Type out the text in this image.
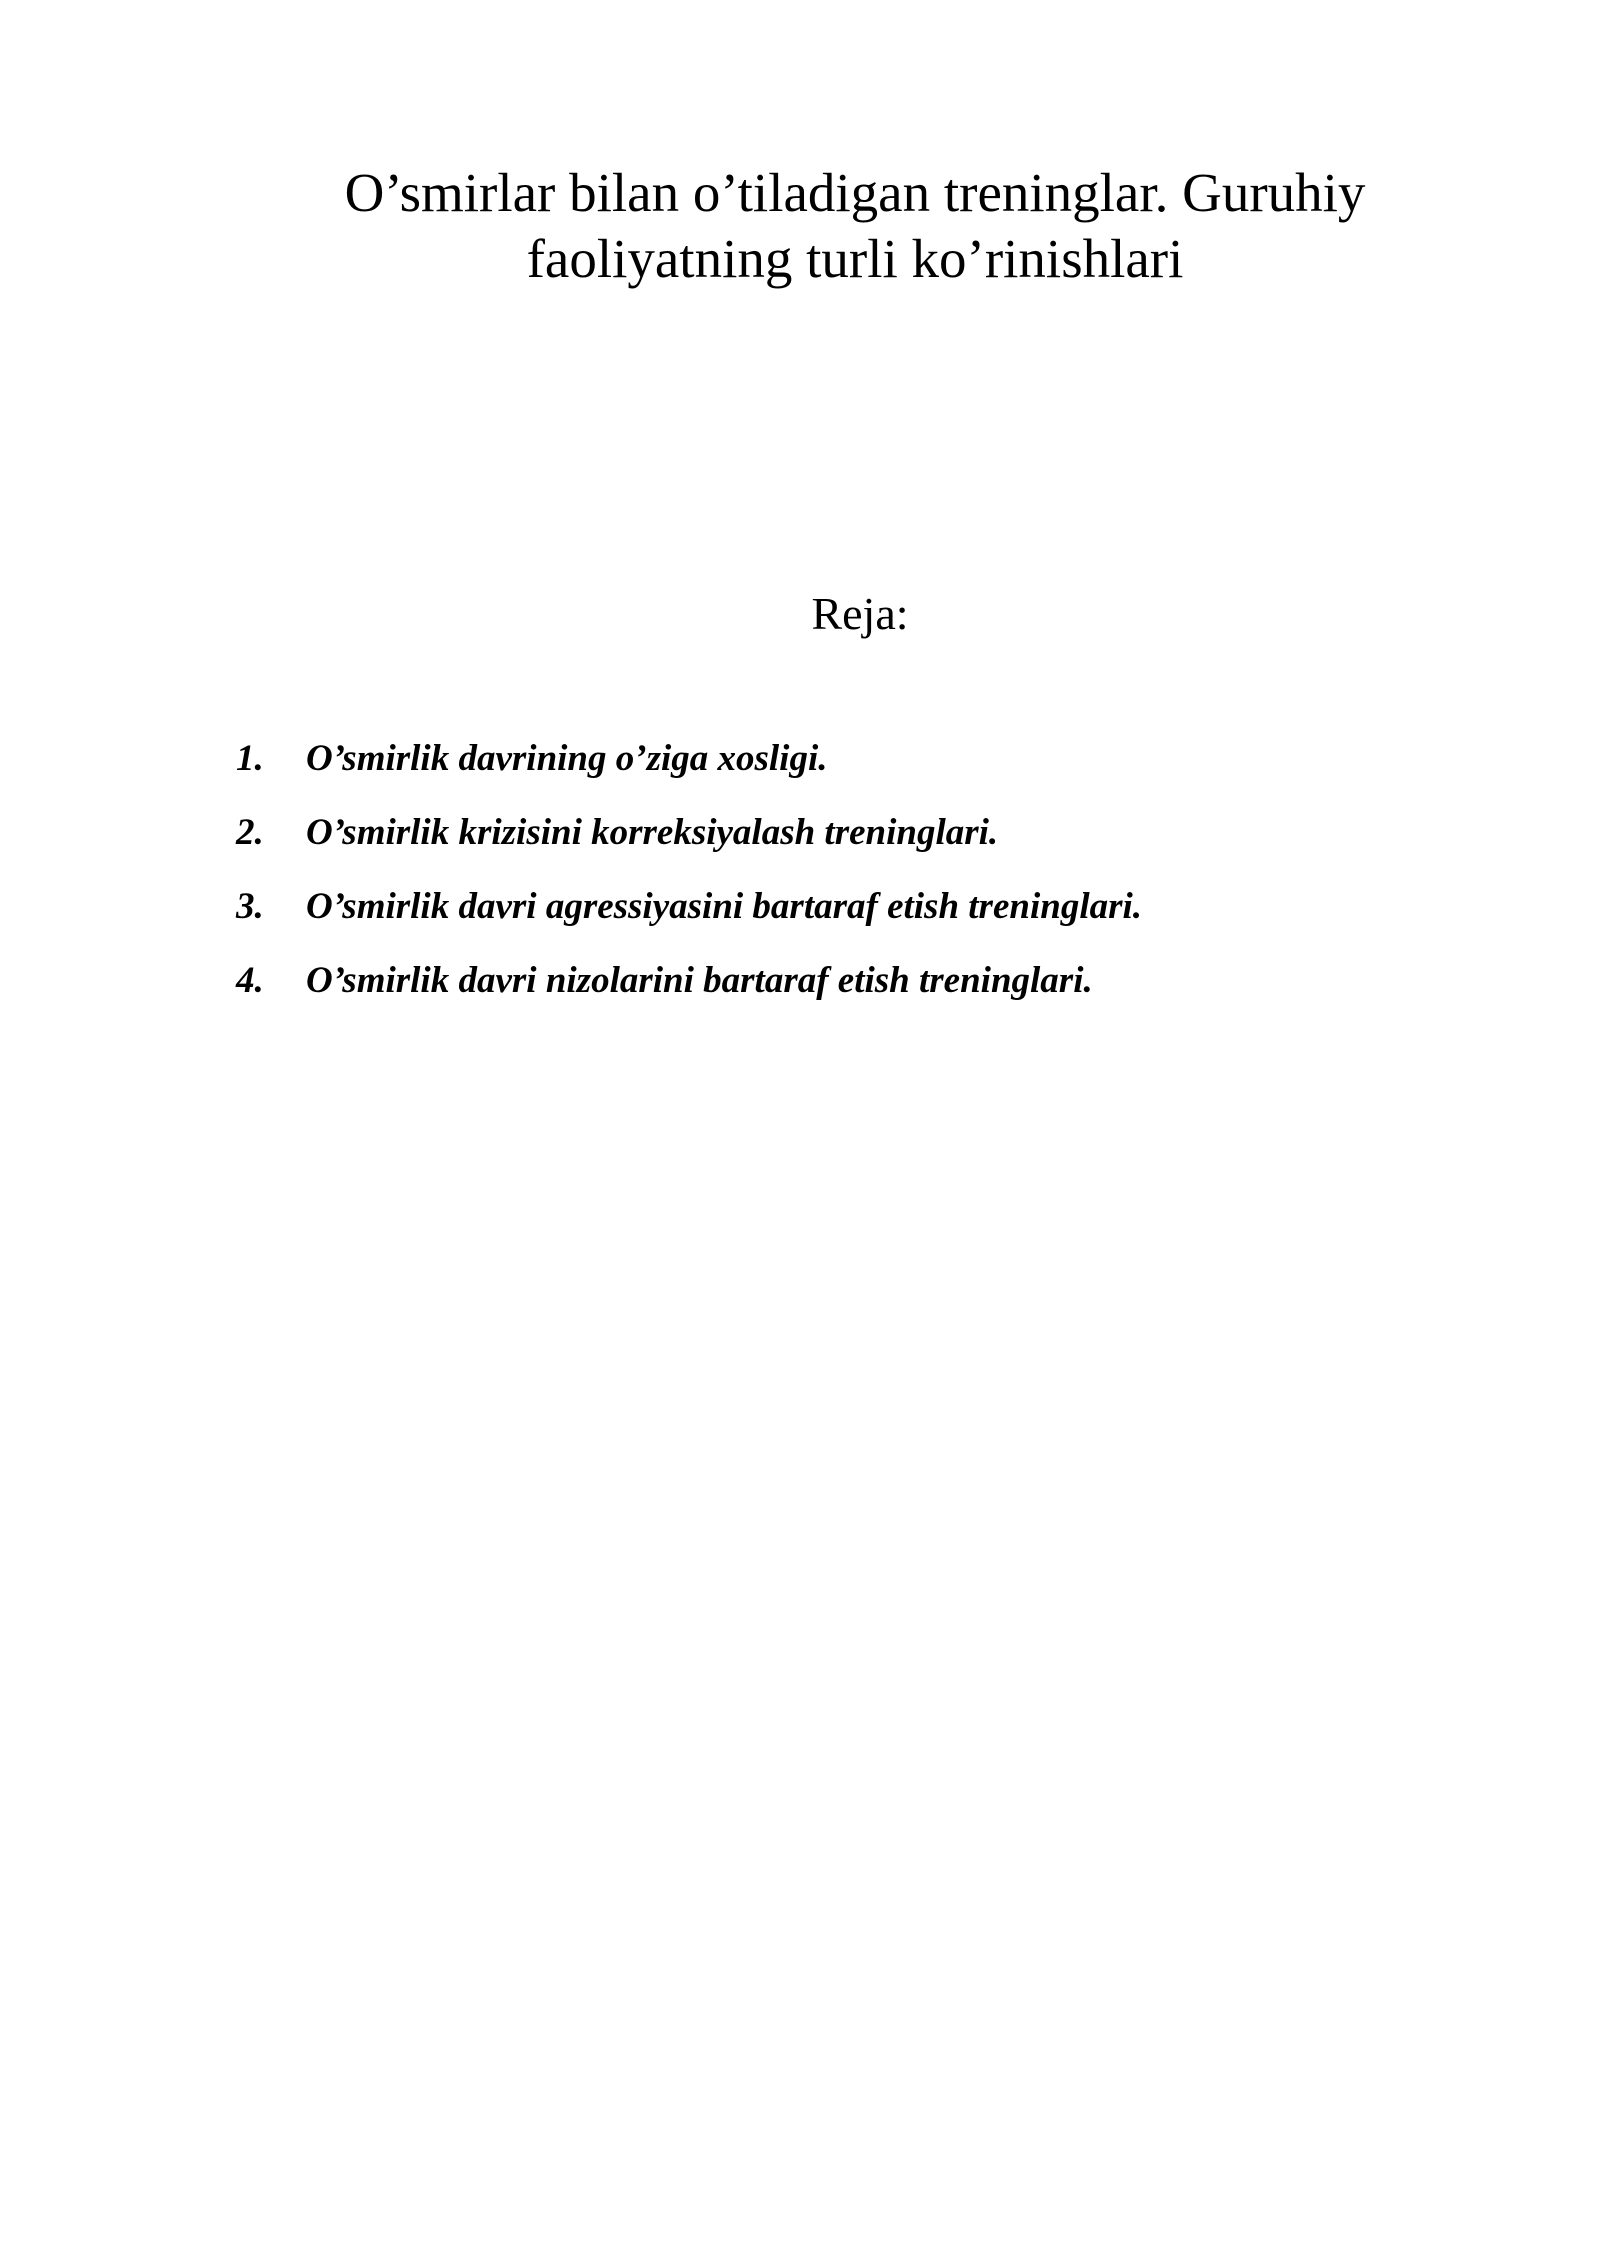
O’smirlar bilan o’tiladigan treninglar. Guruhiy
faoliyatning turli ko’rinishlari

Reja:

1.	O’smirlik davrining o’ziga xosligi.
2.	O’smirlik krizisini korreksiyalash treninglari.
3.	O’smirlik davri agressiyasini bartaraf etish treninglari.
4.	O’smirlik davri nizolarini bartaraf etish treninglari.
